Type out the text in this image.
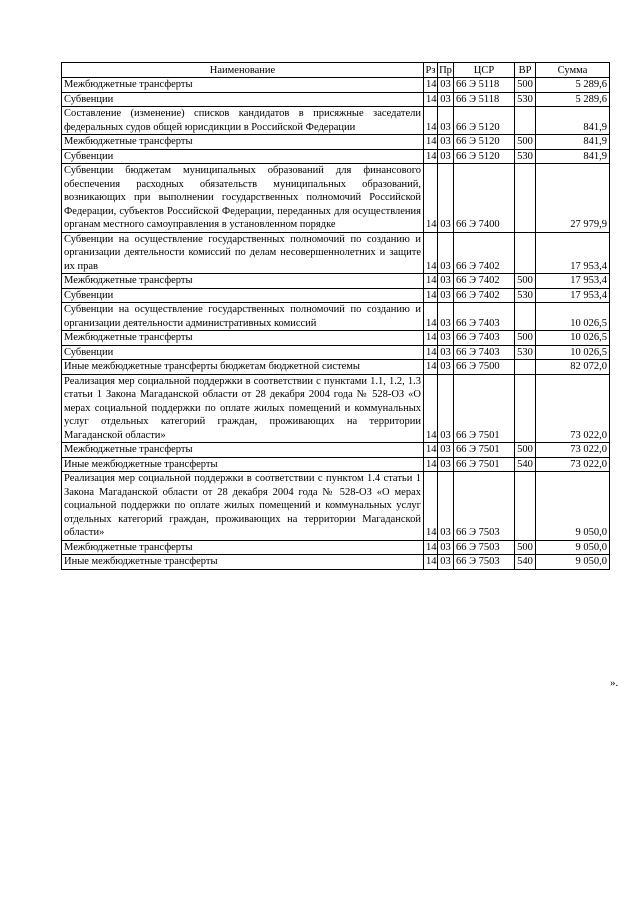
Наименование	Рз	Пр	ЦСР	ВР	Сумма
Межбюджетные трансферты	14	03	66 Э 5118	500	5 289,6
Субвенции	14	03	66 Э 5118	530	5 289,6
Составление (изменение) списков кандидатов в присяжные заседатели федеральных судов общей юрисдикции в Российской Федерации	14	03	66 Э 5120		841,9
Межбюджетные трансферты	14	03	66 Э 5120	500	841,9
Субвенции	14	03	66 Э 5120	530	841,9
Субвенции бюджетам муниципальных образований для финансового обеспечения расходных обязательств муниципальных образований, возникающих при выполнении государственных полномочий Российской Федерации, субъектов Российской Федерации, переданных для осуществления органам местного самоуправления в установленном порядке	14	03	66 Э 7400		27 979,9
Субвенции на осуществление государственных полномочий по созданию и организации деятельности комиссий по делам несовершеннолетних и защите их прав	14	03	66 Э 7402		17 953,4
Межбюджетные трансферты	14	03	66 Э 7402	500	17 953,4
Субвенции	14	03	66 Э 7402	530	17 953,4
Субвенции на осуществление государственных полномочий по созданию и организации деятельности административных комиссий	14	03	66 Э 7403		10 026,5
Межбюджетные трансферты	14	03	66 Э 7403	500	10 026,5
Субвенции	14	03	66 Э 7403	530	10 026,5
Иные межбюджетные трансферты бюджетам бюджетной системы	14	03	66 Э 7500		82 072,0
Реализация мер социальной поддержки в соответствии с пунктами 1.1, 1.2, 1.3 статьи 1 Закона Магаданской области от 28 декабря 2004 года № 528-ОЗ «О мерах социальной поддержки по оплате жилых помещений и коммунальных услуг отдельных категорий граждан, проживающих на территории Магаданской области»	14	03	66 Э 7501		73 022,0
Межбюджетные трансферты	14	03	66 Э 7501	500	73 022,0
Иные межбюджетные трансферты	14	03	66 Э 7501	540	73 022,0
Реализация мер социальной поддержки в соответствии с пунктом 1.4 статьи 1 Закона Магаданской области от 28 декабря 2004 года № 528-ОЗ «О мерах социальной поддержки по оплате жилых помещений и коммунальных услуг отдельных категорий граждан, проживающих на территории Магаданской области»	14	03	66 Э 7503		9 050,0
Межбюджетные трансферты	14	03	66 Э 7503	500	9 050,0
Иные межбюджетные трансферты	14	03	66 Э 7503	540	9 050,0
».
